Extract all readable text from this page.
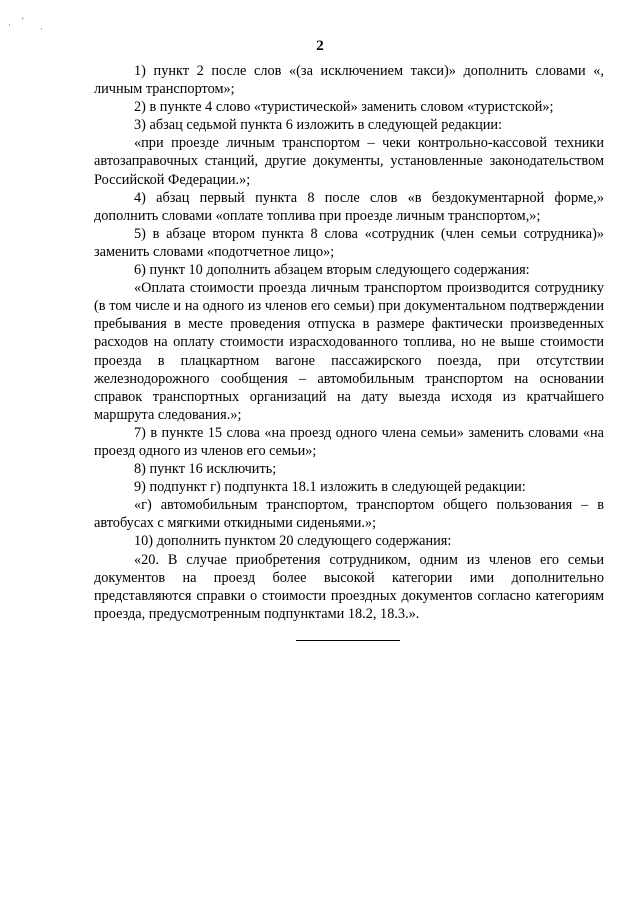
· '
·
2

1) пункт 2 после слов «(за исключением такси)» дополнить словами «, личным транспортом»;

2) в пункте 4 слово «туристической» заменить словом «туристской»;

3) абзац седьмой пункта 6 изложить в следующей редакции:

«при проезде личным транспортом – чеки контрольно-кассовой техники автозаправочных станций, другие документы, установленные законодательством Российской Федерации.»;

4) абзац первый пункта 8 после слов «в бездокументарной форме,» дополнить словами «оплате топлива при проезде личным транспортом,»;

5) в абзаце втором пункта 8 слова «сотрудник (член семьи сотрудника)» заменить словами «подотчетное лицо»;

6) пункт 10 дополнить абзацем вторым следующего содержания:

«Оплата стоимости проезда личным транспортом производится сотруднику (в том числе и на одного из членов его семьи) при документальном подтверждении пребывания в месте проведения отпуска в размере фактически произведенных расходов на оплату стоимости израсходованного топлива, но не выше стоимости проезда в плацкартном вагоне пассажирского поезда, при отсутствии железнодорожного сообщения – автомобильным транспортом на основании справок транспортных организаций на дату выезда исходя из кратчайшего маршрута следования.»;

7) в пункте 15 слова «на проезд одного члена семьи» заменить словами «на проезд одного из членов его семьи»;

8) пункт 16 исключить;

9) подпункт г) подпункта 18.1 изложить в следующей редакции:

«г) автомобильным транспортом, транспортом общего пользования – в автобусах с мягкими откидными сиденьями.»;

10) дополнить пунктом 20 следующего содержания:

«20. В случае приобретения сотрудником, одним из членов его семьи документов на проезд более высокой категории ими дополнительно представляются справки о стоимости проездных документов согласно категориям проезда, предусмотренным подпунктами 18.2, 18.3.».
